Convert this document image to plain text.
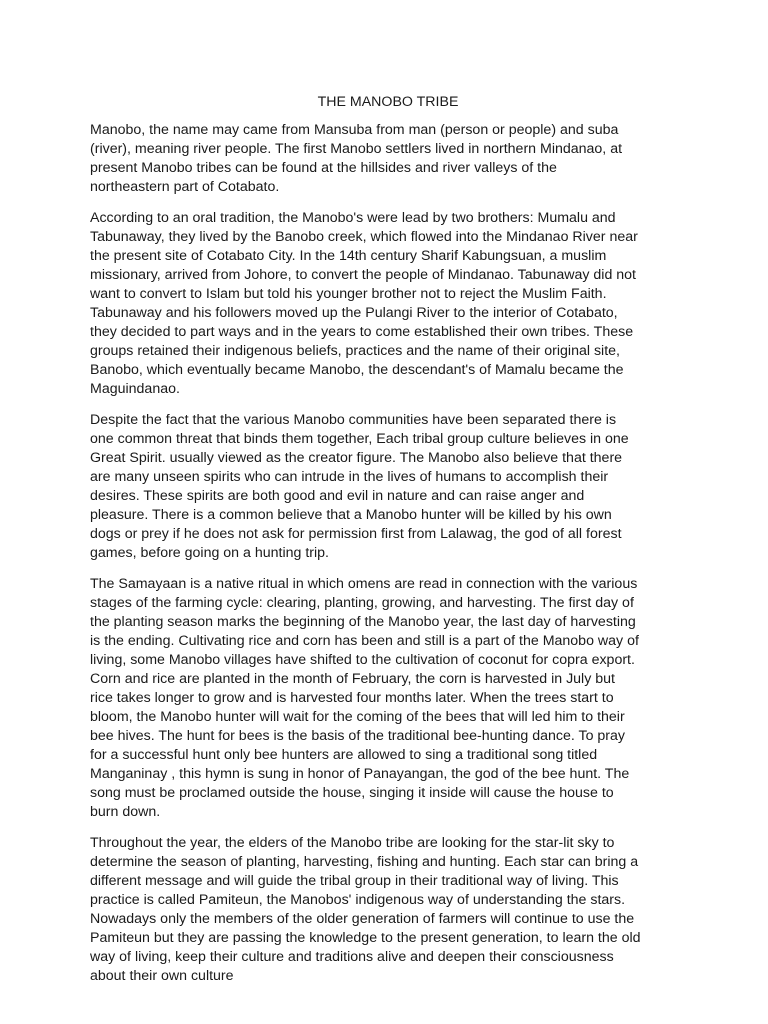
THE MANOBO TRIBE

Manobo, the name may came from Mansuba from man (person or people) and suba
(river), meaning river people. The first Manobo settlers lived in northern Mindanao, at
present Manobo tribes can be found at the hillsides and river valleys of the
northeastern part of Cotabato.

According to an oral tradition, the Manobo's were lead by two brothers: Mumalu and
Tabunaway, they lived by the Banobo creek, which flowed into the Mindanao River near
the present site of Cotabato City. In the 14th century Sharif Kabungsuan, a muslim
missionary, arrived from Johore, to convert the people of Mindanao. Tabunaway did not
want to convert to Islam but told his younger brother not to reject the Muslim Faith.
Tabunaway and his followers moved up the Pulangi River to the interior of Cotabato,
they decided to part ways and in the years to come established their own tribes. These
groups retained their indigenous beliefs, practices and the name of their original site,
Banobo, which eventually became Manobo, the descendant's of Mamalu became the
Maguindanao.

Despite the fact that the various Manobo communities have been separated there is
one common threat that binds them together, Each tribal group culture believes in one
Great Spirit. usually viewed as the creator figure. The Manobo also believe that there
are many unseen spirits who can intrude in the lives of humans to accomplish their
desires. These spirits are both good and evil in nature and can raise anger and
pleasure. There is a common believe that a Manobo hunter will be killed by his own
dogs or prey if he does not ask for permission first from Lalawag, the god of all forest
games, before going on a hunting trip.

The Samayaan is a native ritual in which omens are read in connection with the various
stages of the farming cycle: clearing, planting, growing, and harvesting. The first day of
the planting season marks the beginning of the Manobo year, the last day of harvesting
is the ending. Cultivating rice and corn has been and still is a part of the Manobo way of
living, some Manobo villages have shifted to the cultivation of coconut for copra export.
Corn and rice are planted in the month of February, the corn is harvested in July but
rice takes longer to grow and is harvested four months later. When the trees start to
bloom, the Manobo hunter will wait for the coming of the bees that will led him to their
bee hives. The hunt for bees is the basis of the traditional bee-hunting dance. To pray
for a successful hunt only bee hunters are allowed to sing a traditional song titled
Manganinay , this hymn is sung in honor of Panayangan, the god of the bee hunt. The
song must be proclamed outside the house, singing it inside will cause the house to
burn down.

Throughout the year, the elders of the Manobo tribe are looking for the star-lit sky to
determine the season of planting, harvesting, fishing and hunting. Each star can bring a
different message and will guide the tribal group in their traditional way of living. This
practice is called Pamiteun, the Manobos' indigenous way of understanding the stars.
Nowadays only the members of the older generation of farmers will continue to use the
Pamiteun but they are passing the knowledge to the present generation, to learn the old
way of living, keep their culture and traditions alive and deepen their consciousness
about their own culture
